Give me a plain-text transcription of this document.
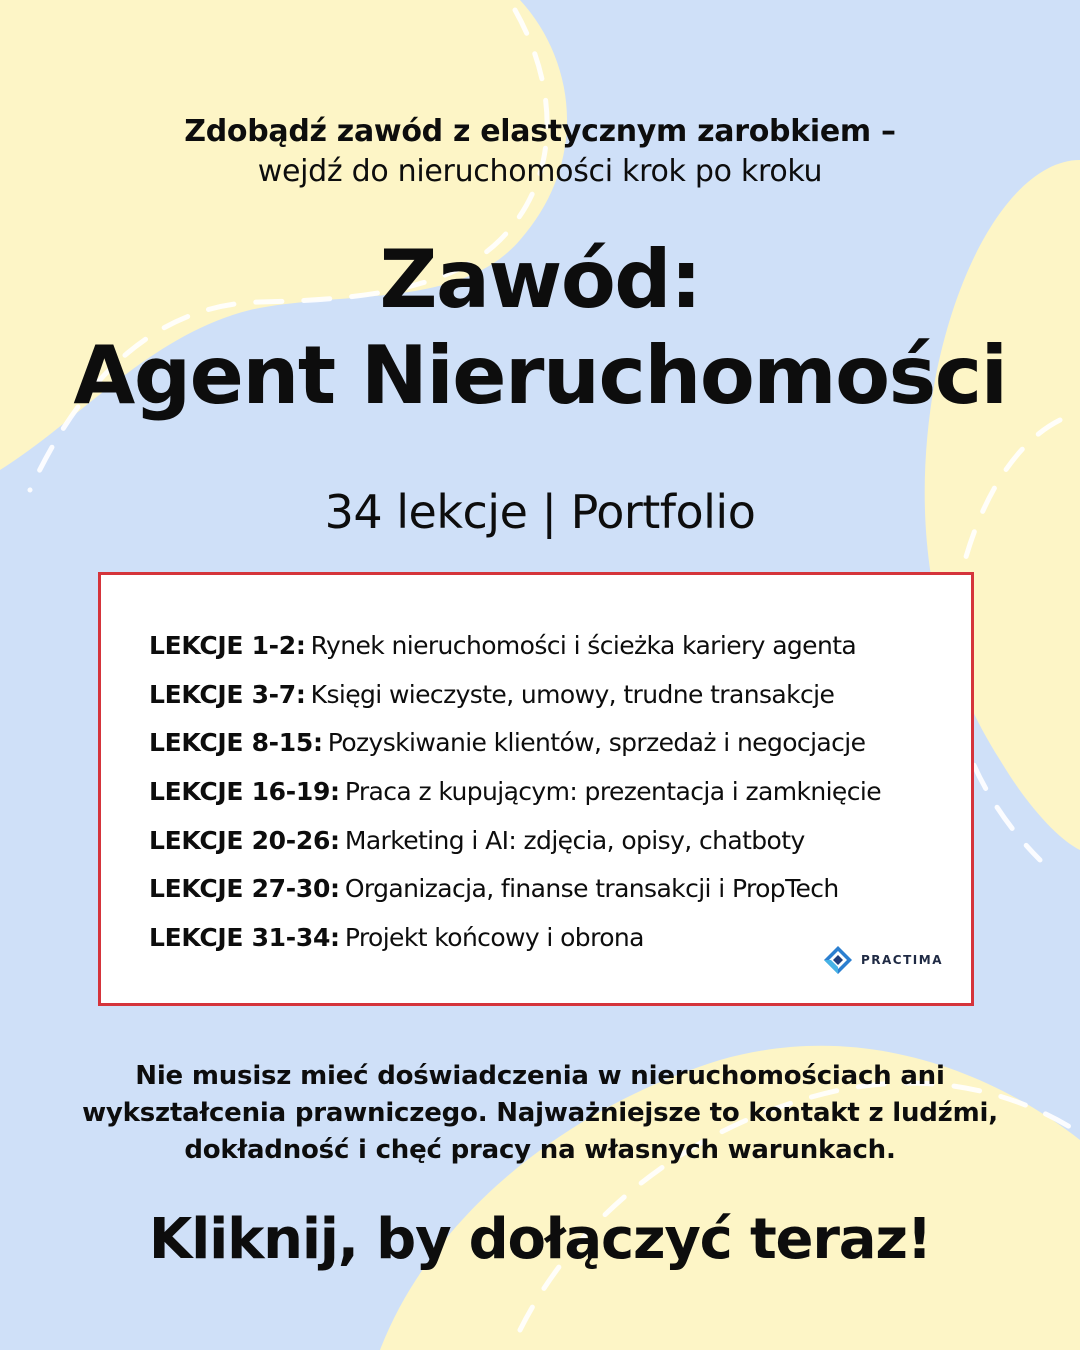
Zdobądź zawód z elastycznym zarobkiem –
wejdź do nieruchomości krok po kroku
Zawód:
Agent Nieruchomości
34 lekcje | Portfolio
LEKCJE 1-2: Rynek nieruchomości i ścieżka kariery agenta
LEKCJE 3-7: Księgi wieczyste, umowy, trudne transakcje
LEKCJE 8-15: Pozyskiwanie klientów, sprzedaż i negocjacje
LEKCJE 16-19: Praca z kupującym: prezentacja i zamknięcie
LEKCJE 20-26: Marketing i AI: zdjęcia, opisy, chatboty
LEKCJE 27-30: Organizacja, finanse transakcji i PropTech
LEKCJE 31-34: Projekt końcowy i obrona
PRACTIMA
Nie musisz mieć doświadczenia w nieruchomościach ani
wykształcenia prawniczego. Najważniejsze to kontakt z ludźmi,
dokładność i chęć pracy na własnych warunkach.
Kliknij, by dołączyć teraz!
